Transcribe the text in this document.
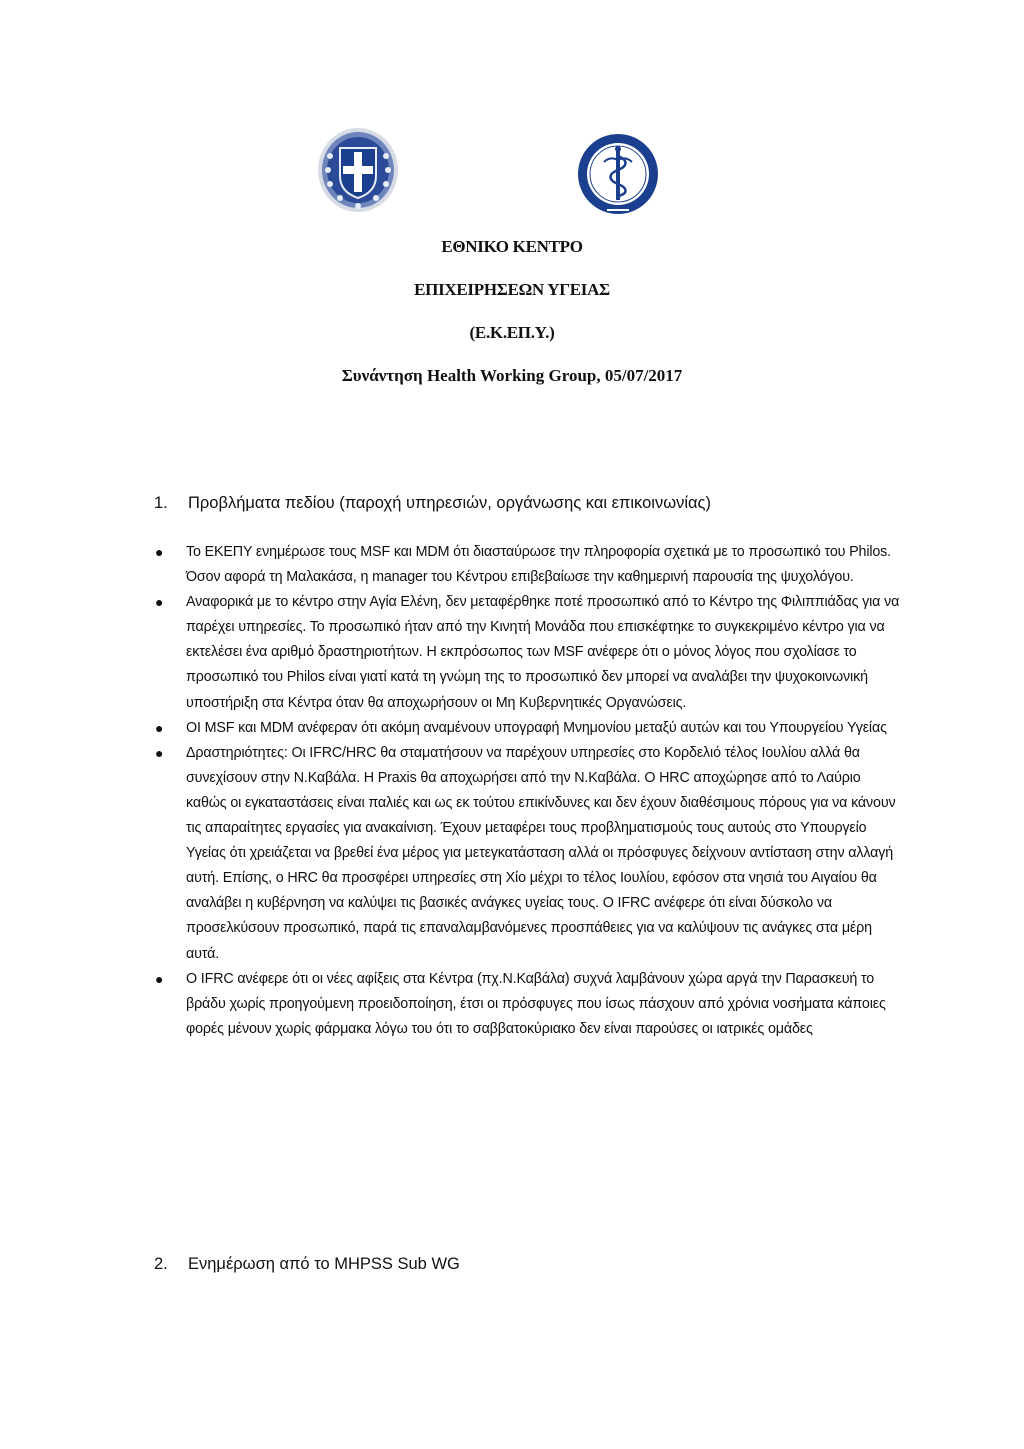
ΕΘΝΙΚΟ ΚΕΝΤΡΟ
ΕΠΙΧΕΙΡΗΣΕΩΝ ΥΓΕΙΑΣ
(Ε.Κ.ΕΠ.Υ.)
Συνάντηση Health Working Group, 05/07/2017
1.	Προβλήματα πεδίου (παροχή υπηρεσιών, οργάνωσης και επικοινωνίας)
● Το ΕΚΕΠΥ ενημέρωσε τους MSF και MDM ότι διασταύρωσε την πληροφορία σχετικά με το προσωπικό του Philos. Όσον αφορά τη Μαλακάσα, η manager του Κέντρου επιβεβαίωσε την καθημερινή παρουσία της ψυχολόγου.
● Αναφορικά με το κέντρο στην Αγία Ελένη, δεν μεταφέρθηκε ποτέ προσωπικό από το Κέντρο της Φιλιππιάδας για να παρέχει υπηρεσίες. Το προσωπικό ήταν από την Κινητή Μονάδα που επισκέφτηκε το συγκεκριμένο κέντρο για να εκτελέσει ένα αριθμό δραστηριοτήτων. Η εκπρόσωπος των MSF ανέφερε ότι ο μόνος λόγος που σχολίασε το προσωπικό του Philos είναι γιατί κατά τη γνώμη της το προσωπικό δεν μπορεί να αναλάβει την ψυχοκοινωνική υποστήριξη στα Κέντρα όταν θα αποχωρήσουν οι Μη Κυβερνητικές Οργανώσεις.
● ΟΙ MSF και MDM ανέφεραν ότι ακόμη αναμένουν υπογραφή Μνημονίου μεταξύ αυτών και του Υπουργείου Υγείας
● Δραστηριότητες: Οι IFRC/HRC θα σταματήσουν να παρέχουν υπηρεσίες στο Κορδελιό τέλος Ιουλίου αλλά θα συνεχίσουν στην Ν.Καβάλα. Η Praxis θα αποχωρήσει από την Ν.Καβάλα. Ο HRC αποχώρησε από το Λαύριο καθώς οι εγκαταστάσεις είναι παλιές και ως εκ τούτου επικίνδυνες και δεν έχουν διαθέσιμους πόρους για να κάνουν τις απαραίτητες εργασίες για ανακαίνιση. Έχουν μεταφέρει τους προβληματισμούς τους αυτούς στο Υπουργείο Υγείας ότι χρειάζεται να βρεθεί ένα μέρος για μετεγκατάσταση αλλά οι πρόσφυγες δείχνουν αντίσταση στην αλλαγή αυτή. Επίσης, ο HRC θα προσφέρει υπηρεσίες στη Χίο μέχρι το τέλος Ιουλίου, εφόσον στα νησιά του Αιγαίου θα αναλάβει η κυβέρνηση να καλύψει τις βασικές ανάγκες υγείας τους. Ο IFRC ανέφερε ότι είναι δύσκολο να προσελκύσουν προσωπικό, παρά τις επαναλαμβανόμενες προσπάθειες για να καλύψουν τις ανάγκες στα μέρη αυτά.
● Ο IFRC ανέφερε ότι οι νέες αφίξεις στα Κέντρα (πχ.Ν.Καβάλα) συχνά λαμβάνουν χώρα αργά την Παρασκευή το βράδυ χωρίς προηγούμενη προειδοποίηση, έτσι οι πρόσφυγες που ίσως πάσχουν από χρόνια νοσήματα κάποιες φορές μένουν χωρίς φάρμακα λόγω του ότι το σαββατοκύριακο δεν είναι παρούσες οι ιατρικές ομάδες
2.	Ενημέρωση από το MHPSS Sub WG
